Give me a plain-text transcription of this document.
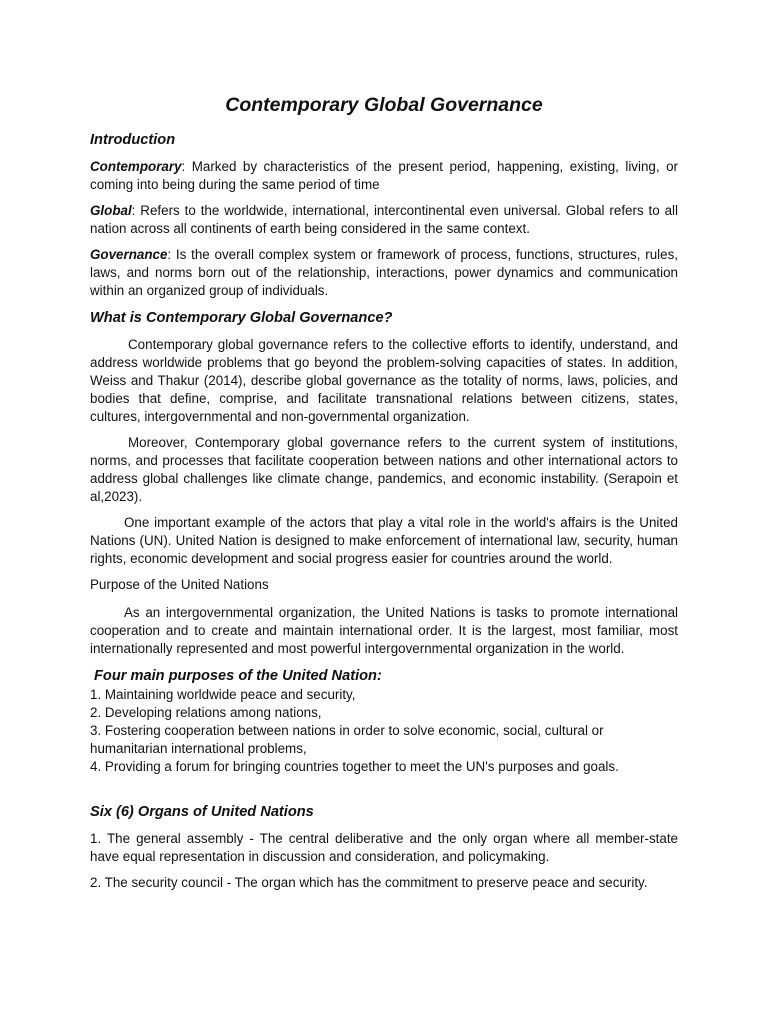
Contemporary Global Governance
Introduction

Contemporary: Marked by characteristics of the present period, happening, existing, living, or coming into being during the same period of time

Global: Refers to the worldwide, international, intercontinental even universal. Global refers to all nation across all continents of earth being considered in the same context.

Governance: Is the overall complex system or framework of process, functions, structures, rules, laws, and norms born out of the relationship, interactions, power dynamics and communication within an organized group of individuals.

What is Contemporary Global Governance?

Contemporary global governance refers to the collective efforts to identify, understand, and address worldwide problems that go beyond the problem-solving capacities of states. In addition, Weiss and Thakur (2014), describe global governance as the totality of norms, laws, policies, and bodies that define, comprise, and facilitate transnational relations between citizens, states, cultures, intergovernmental and non-governmental organization.

Moreover, Contemporary global governance refers to the current system of institutions, norms, and processes that facilitate cooperation between nations and other international actors to address global challenges like climate change, pandemics, and economic instability. (Serapoin et al,2023).

One important example of the actors that play a vital role in the world's affairs is the United Nations (UN). United Nation is designed to make enforcement of international law, security, human rights, economic development and social progress easier for countries around the world.

Purpose of the United Nations

As an intergovernmental organization, the United Nations is tasks to promote international cooperation and to create and maintain international order. It is the largest, most familiar, most internationally represented and most powerful intergovernmental organization in the world.

Four main purposes of the United Nation:
1. Maintaining worldwide peace and security,
2. Developing relations among nations,
3. Fostering cooperation between nations in order to solve economic, social, cultural or humanitarian international problems,
4. Providing a forum for bringing countries together to meet the UN's purposes and goals.
Six (6) Organs of United Nations

1. The general assembly - The central deliberative and the only organ where all member-state have equal representation in discussion and consideration, and policymaking.

2. The security council - The organ which has the commitment to preserve peace and security.
